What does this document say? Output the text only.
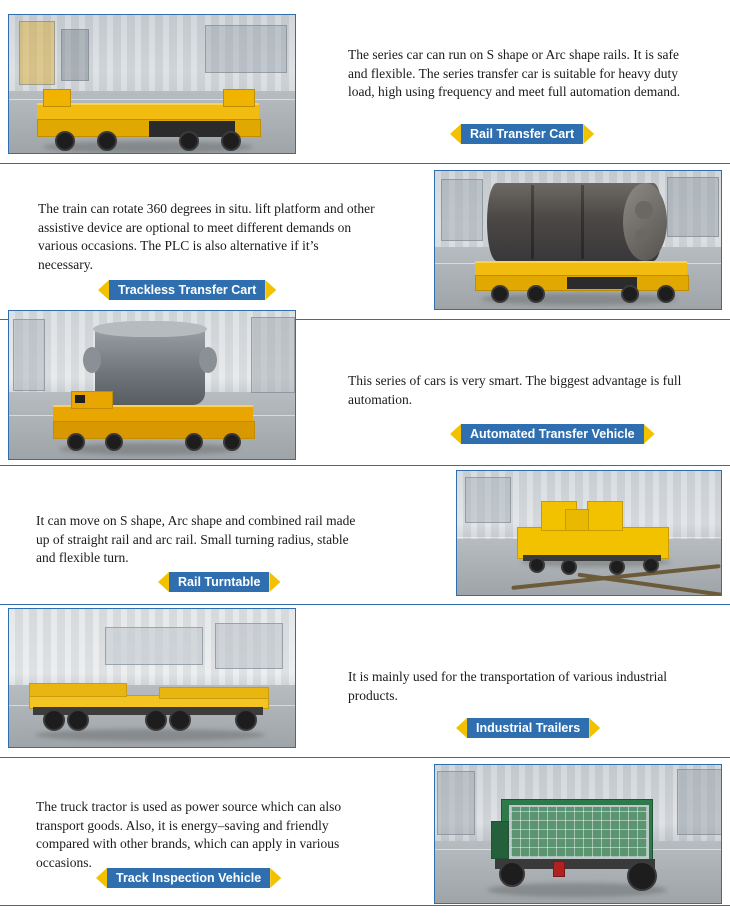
The series car can run on S shape or Arc shape rails. It is safe and flexible. The series transfer car is suitable for heavy duty load, high using frequency and meet full automation demand.
Rail Transfer Cart
The train can rotate 360 degrees in situ. lift platform and other assistive device are optional to meet different demands on various occasions. The PLC is also alternative if it’s necessary.
Trackless Transfer Cart
This series of cars is very smart. The biggest advantage is full automation.
Automated Transfer Vehicle
It can move on S shape, Arc shape and combined rail made up of straight rail and arc rail. Small turning radius, stable and flexible turn.
Rail Turntable
It is mainly used for the transportation of various industrial products.
Industrial Trailers
The truck tractor is used as power source which can also transport goods. Also, it is energy–saving and friendly compared with other brands, which can apply in various occasions.
Track Inspection Vehicle
